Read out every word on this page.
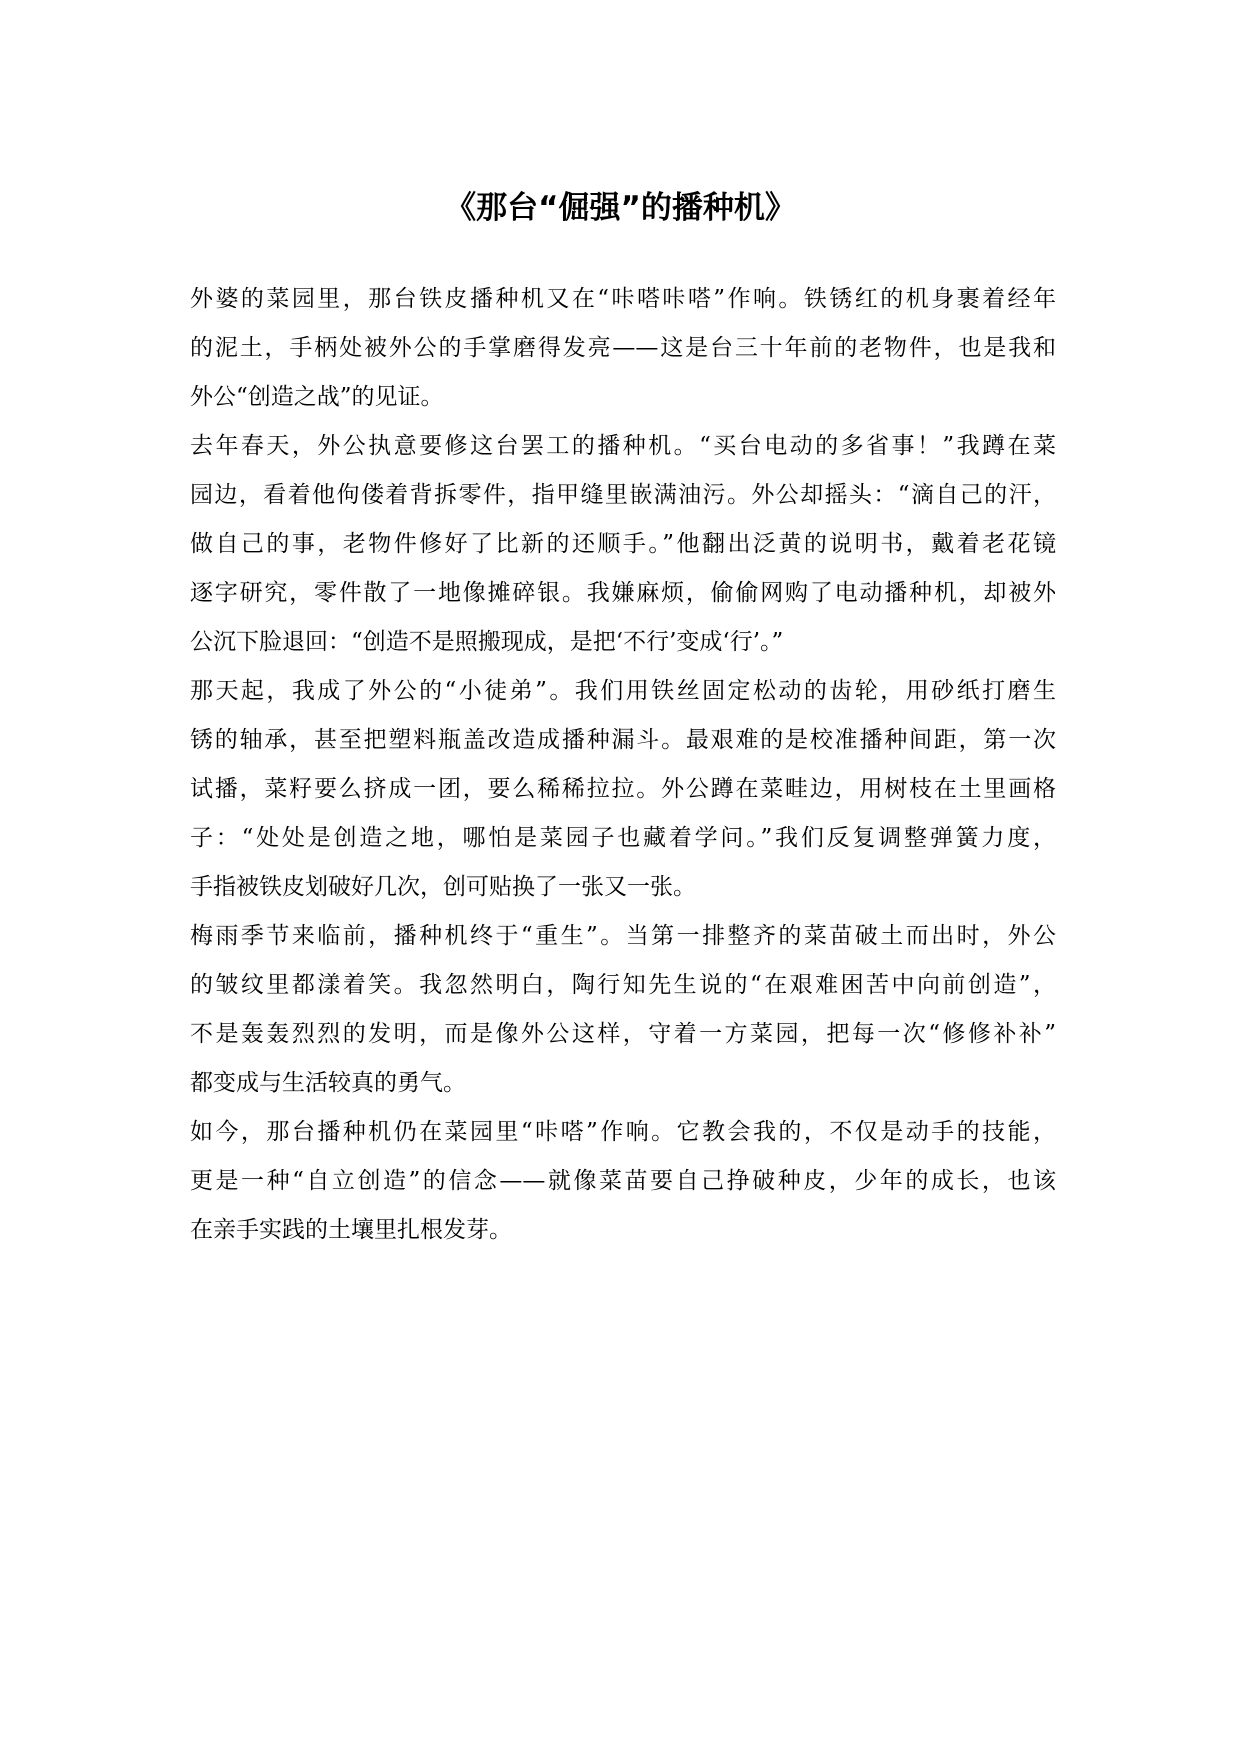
《那台“倔强”的播种机》
外婆的菜园里，那台铁皮播种机又在“咔嗒咔嗒”作响。铁锈红的机身裹着经年
的泥土，手柄处被外公的手掌磨得发亮——这是台三十年前的老物件，也是我和
外公“创造之战”的见证。
去年春天，外公执意要修这台罢工的播种机。“买台电动的多省事！”我蹲在菜
园边，看着他佝偻着背拆零件，指甲缝里嵌满油污。外公却摇头：“滴自己的汗，
做自己的事，老物件修好了比新的还顺手。”他翻出泛黄的说明书，戴着老花镜
逐字研究，零件散了一地像摊碎银。我嫌麻烦，偷偷网购了电动播种机，却被外
公沉下脸退回：“创造不是照搬现成，是把‘不行’变成‘行’。”
那天起，我成了外公的“小徒弟”。我们用铁丝固定松动的齿轮，用砂纸打磨生
锈的轴承，甚至把塑料瓶盖改造成播种漏斗。最艰难的是校准播种间距，第一次
试播，菜籽要么挤成一团，要么稀稀拉拉。外公蹲在菜畦边，用树枝在土里画格
子：“处处是创造之地，哪怕是菜园子也藏着学问。”我们反复调整弹簧力度，
手指被铁皮划破好几次，创可贴换了一张又一张。
梅雨季节来临前，播种机终于“重生”。当第一排整齐的菜苗破土而出时，外公
的皱纹里都漾着笑。我忽然明白，陶行知先生说的“在艰难困苦中向前创造”，
不是轰轰烈烈的发明，而是像外公这样，守着一方菜园，把每一次“修修补补”
都变成与生活较真的勇气。
如今，那台播种机仍在菜园里“咔嗒”作响。它教会我的，不仅是动手的技能，
更是一种“自立创造”的信念——就像菜苗要自己挣破种皮，少年的成长，也该
在亲手实践的土壤里扎根发芽。
